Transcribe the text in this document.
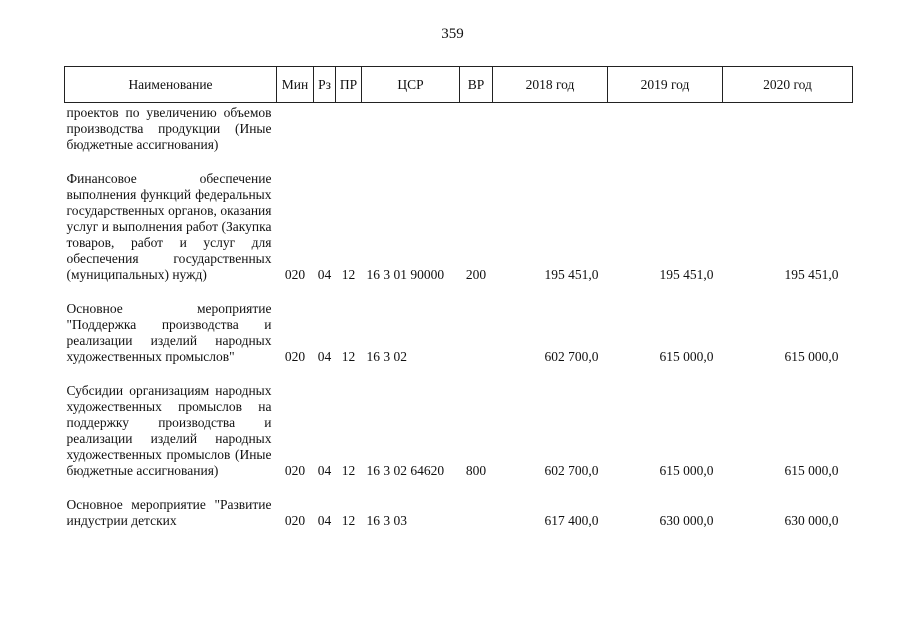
359
Наименование	Мин	Рз	ПР	ЦСР	ВР	2018 год	2019 год	2020 год
проектов по увеличению объемов производства продукции (Иные бюджетные ассигнования)								

Финансовое обеспечение выполнения функций федеральных государственных органов, оказания услуг и выполнения работ (Закупка товаров, работ и услуг для обеспечения государственных (муниципальных) нужд)	020	04	12	16 3 01 90000	200	195 451,0	195 451,0	195 451,0

Основное мероприятие "Поддержка производства и реализации изделий народных художественных промыслов"	020	04	12	16 3 02		602 700,0	615 000,0	615 000,0

Субсидии организациям народных художественных промыслов на поддержку производства и реализации изделий народных художественных промыслов (Иные бюджетные ассигнования)	020	04	12	16 3 02 64620	800	602 700,0	615 000,0	615 000,0

Основное мероприятие "Развитие индустрии детских	020	04	12	16 3 03		617 400,0	630 000,0	630 000,0
